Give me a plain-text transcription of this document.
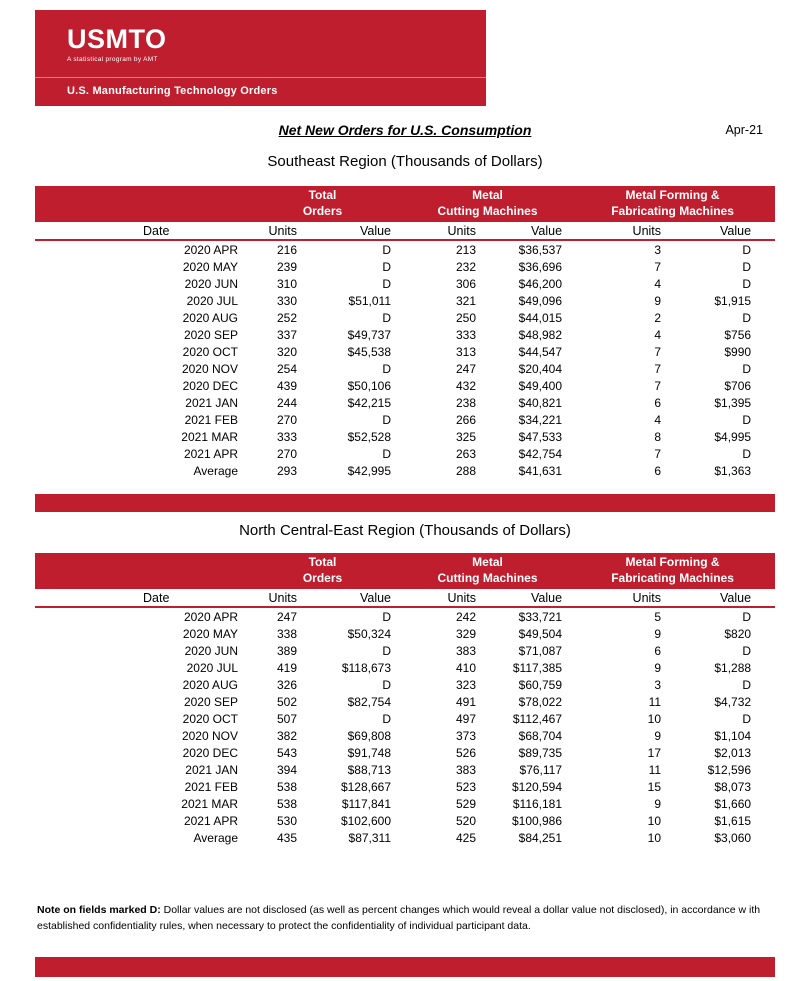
USMTO
A statistical program by AMT
U.S. Manufacturing Technology Orders
Net New Orders for U.S. Consumption	Apr-21
Southeast Region (Thousands of Dollars)

Total
Orders

Metal
Cutting Machines

Metal Forming &
Fabricating Machines

Date	Units	Value	Units	Value	Units	Value
2020 APR	216	D	213	$36,537	3	D
2020 MAY	239	D	232	$36,696	7	D
2020 JUN	310	D	306	$46,200	4	D
2020 JUL	330	$51,011	321	$49,096	9	$1,915
2020 AUG	252	D	250	$44,015	2	D
2020 SEP	337	$49,737	333	$48,982	4	$756
2020 OCT	320	$45,538	313	$44,547	7	$990
2020 NOV	254	D	247	$20,404	7	D
2020 DEC	439	$50,106	432	$49,400	7	$706
2021 JAN	244	$42,215	238	$40,821	6	$1,395
2021 FEB	270	D	266	$34,221	4	D
2021 MAR	333	$52,528	325	$47,533	8	$4,995
2021 APR	270	D	263	$42,754	7	D
Average	293	$42,995	288	$41,631	6	$1,363
North Central-East Region (Thousands of Dollars)

Total
Orders

Metal
Cutting Machines

Metal Forming &
Fabricating Machines

Date	Units	Value	Units	Value	Units	Value
2020 APR	247	D	242	$33,721	5	D
2020 MAY	338	$50,324	329	$49,504	9	$820
2020 JUN	389	D	383	$71,087	6	D
2020 JUL	419	$118,673	410	$117,385	9	$1,288
2020 AUG	326	D	323	$60,759	3	D
2020 SEP	502	$82,754	491	$78,022	11	$4,732
2020 OCT	507	D	497	$112,467	10	D
2020 NOV	382	$69,808	373	$68,704	9	$1,104
2020 DEC	543	$91,748	526	$89,735	17	$2,013
2021 JAN	394	$88,713	383	$76,117	11	$12,596
2021 FEB	538	$128,667	523	$120,594	15	$8,073
2021 MAR	538	$117,841	529	$116,181	9	$1,660
2021 APR	530	$102,600	520	$100,986	10	$1,615
Average	435	$87,311	425	$84,251	10	$3,060

Note on fields marked D: Dollar values are not disclosed (as well as percent changes which would reveal a dollar value not disclosed), in accordance w ith established confidentiality rules, when necessary to protect the confidentiality of individual participant data.
